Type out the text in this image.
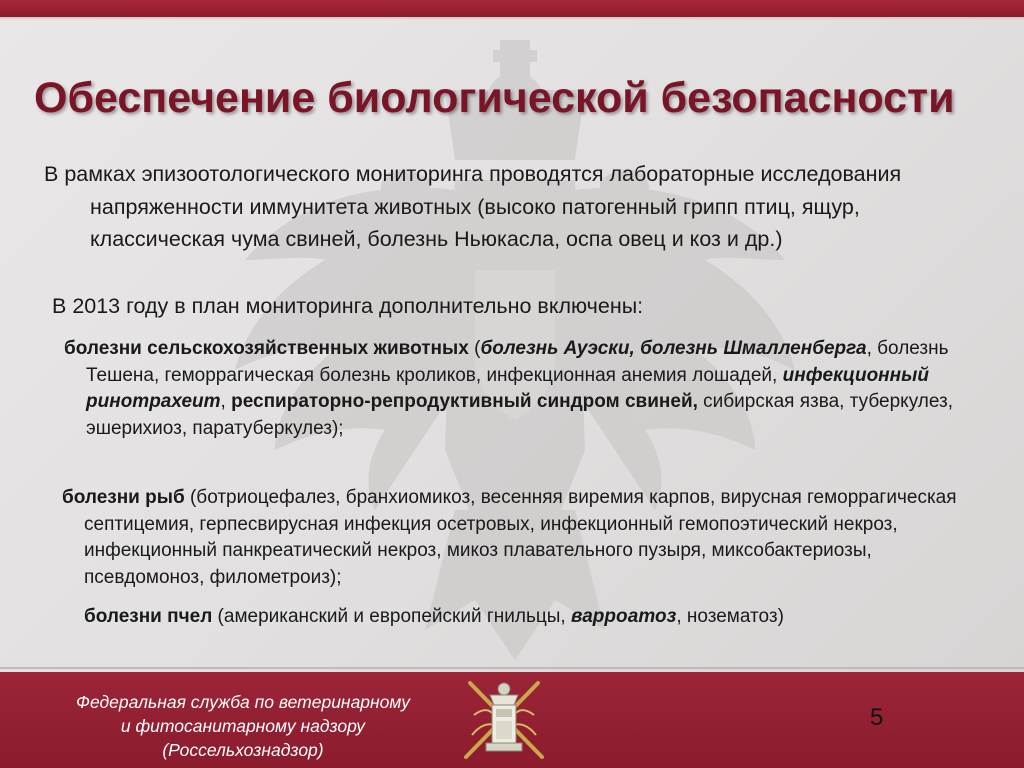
Обеспечение биологической безопасности

В рамках эпизоотологического мониторинга проводятся лабораторные исследования напряженности иммунитета животных (высоко патогенный грипп птиц, ящур, классическая чума свиней, болезнь Ньюкасла, оспа овец и коз и др.)

В 2013 году в план мониторинга дополнительно включены:

болезни сельскохозяйственных животных (болезнь Ауэски, болезнь Шмалленберга, болезнь Тешена, геморрагическая болезнь кроликов, инфекционная анемия лошадей, инфекционный ринотрахеит, респираторно-репродуктивный синдром свиней, сибирская язва, туберкулез, эшерихиоз, паратуберкулез);

болезни рыб (ботриоцефалез, бранхиомикоз, весенняя виремия карпов, вирусная геморрагическая септицемия, герпесвирусная инфекция осетровых, инфекционный гемопоэтический некроз, инфекционный панкреатический некроз, микоз плавательного пузыря, миксобактериозы, псевдомоноз, филометроиз);

болезни пчел (американский и европейский гнильцы, варроатоз, нозематоз)

Федеральная служба по ветеринарному
и фитосанитарному надзору
(Россельхознадзор)
5
